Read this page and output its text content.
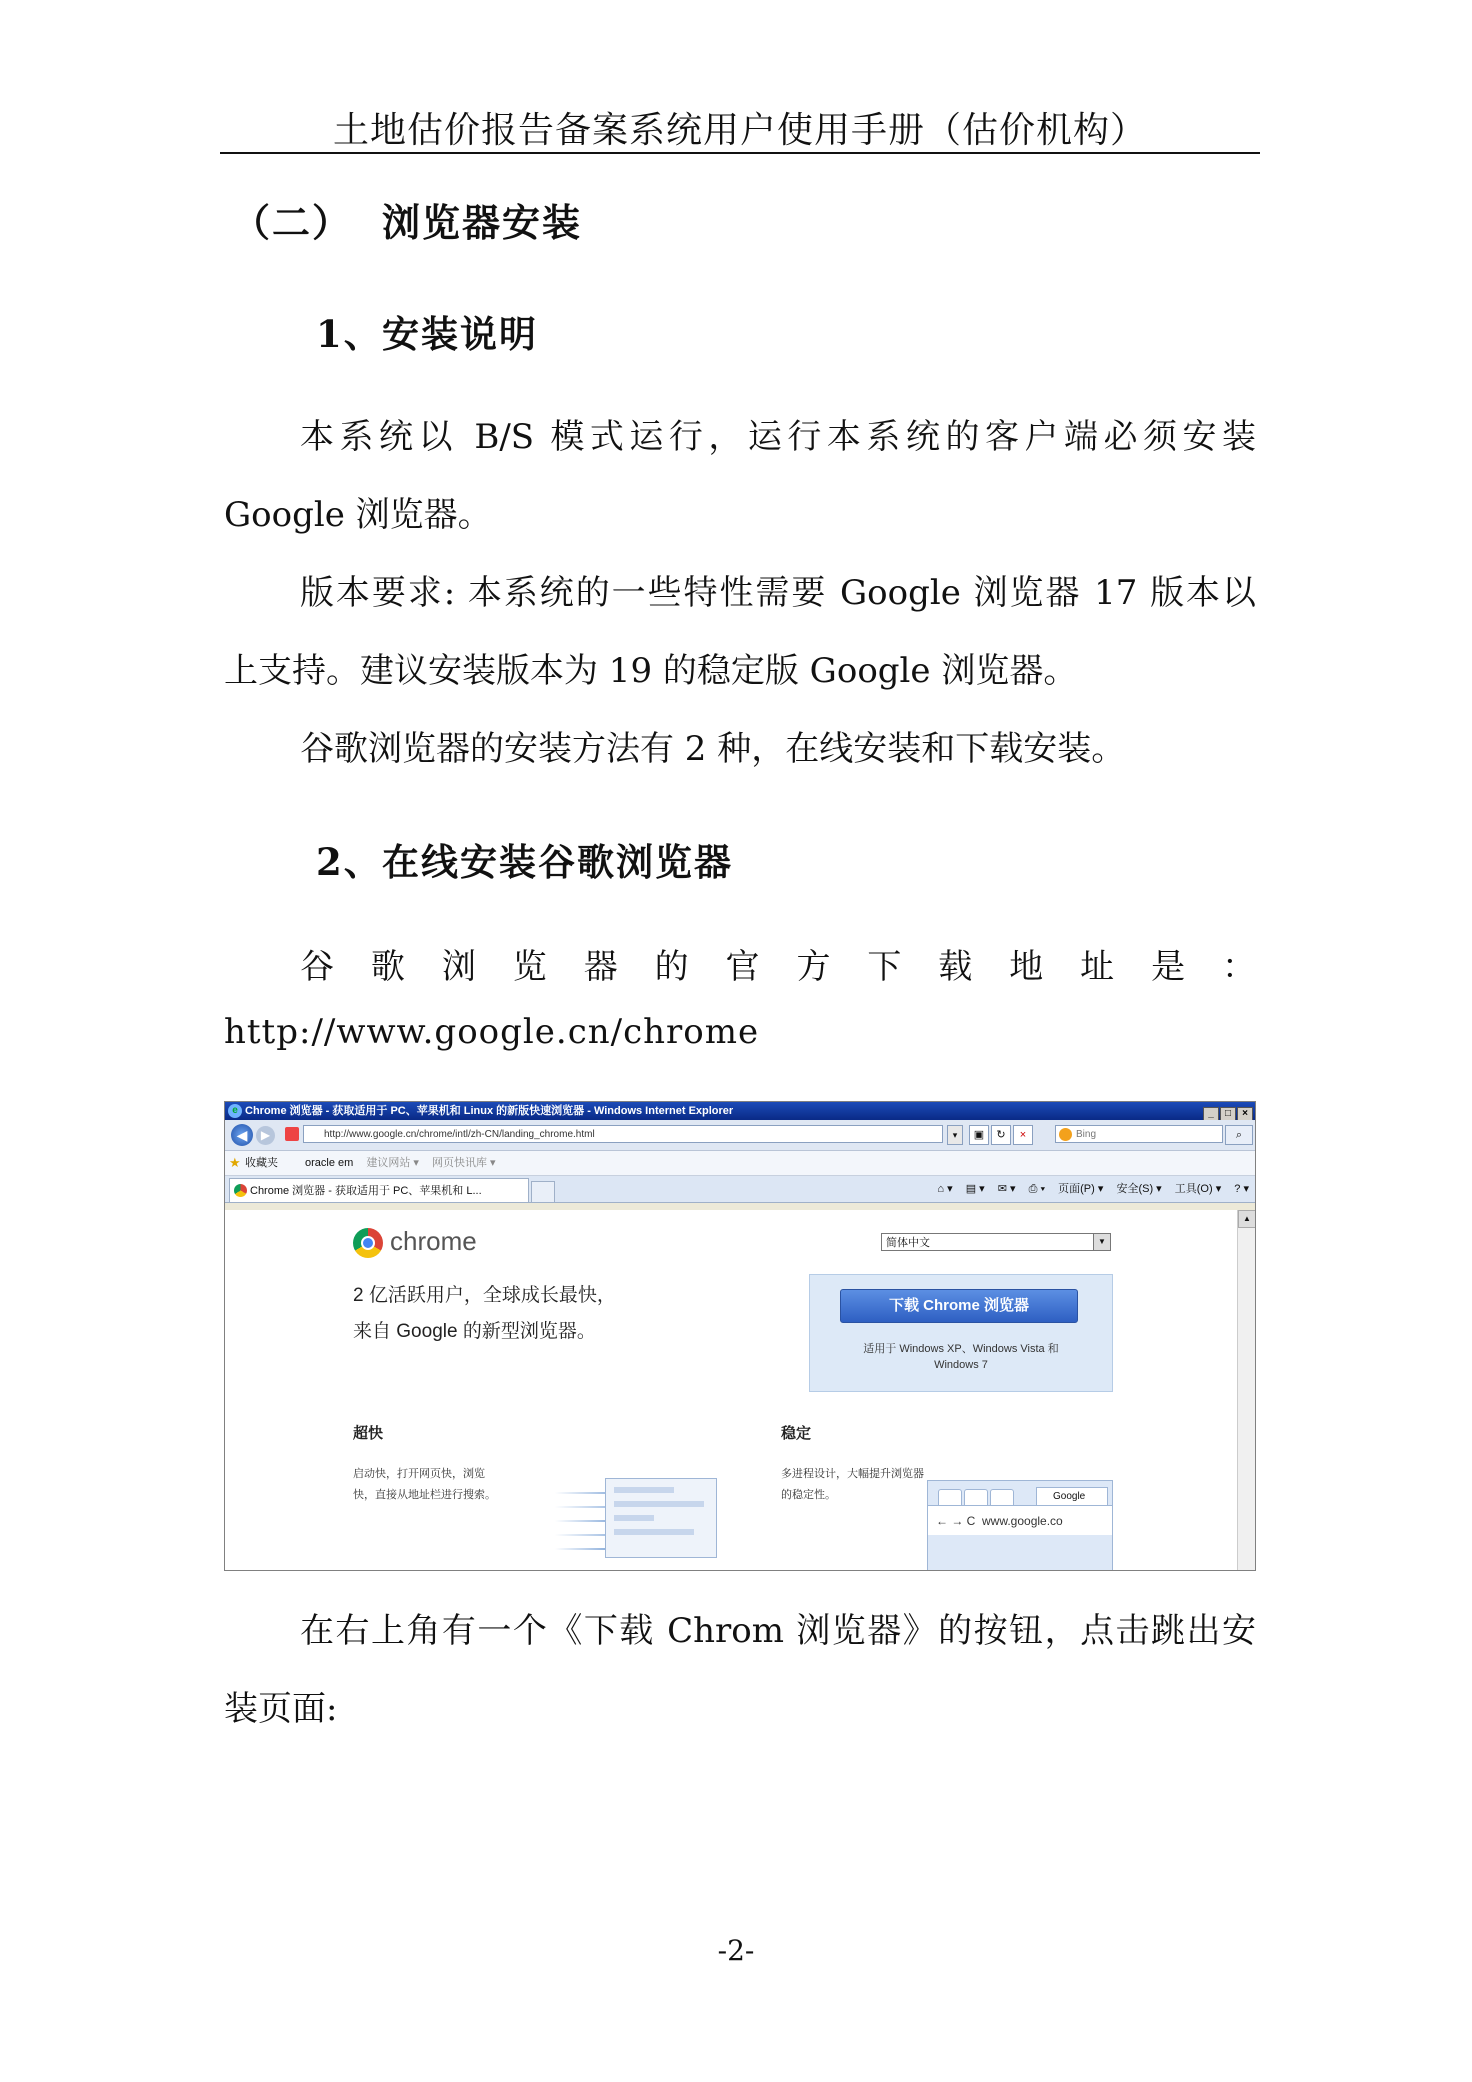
土地估价报告备案系统用户使用手册（估价机构）
（二） 浏览器安装
1、安装说明
本系统以 B/S 模式运行，运行本系统的客户端必须安装
Google 浏览器。
版本要求: 本系统的一些特性需要 Google 浏览器 17 版本以
上支持。建议安装版本为 19 的稳定版 Google 浏览器。
谷歌浏览器的安装方法有 2 种，在线安装和下载安装。
2、在线安装谷歌浏览器
谷 歌 浏 览 器 的 官 方 下 载 地 址 是 ：
http://www.google.cn/chrome
e Chrome 浏览器 - 获取适用于 PC、苹果机和 Linux 的新版快速浏览器 - Windows Internet Explorer	_ □ ×
◀	▶	http://www.google.cn/chrome/intl/zh-CN/landing_chrome.html	▾	▣ ↻ ×	Bing	⌕
★ 收藏夹 oracle em 建议网站 ▾ 网页快讯库 ▾
Chrome 浏览器 - 获取适用于 PC、苹果机和 L...	⌂ ▾ ▤ ▾ ✉ ▾ ⎙ ▾ 页面(P) ▾ 安全(S) ▾ 工具(O) ▾ ? ▾
chrome	简体中文	▼
2 亿活跃用户，全球成长最快，
来自 Google 的新型浏览器。
下载 Chrome 浏览器
适用于 Windows XP、Windows Vista 和
Windows 7
超快
启动快，打开网页快，浏览
快，直接从地址栏进行搜索。
稳定
多进程设计，大幅提升浏览器
的稳定性。	Google
← → C  www.google.co
▲
在右上角有一个《下载 Chrom 浏览器》的按钮，点击跳出安
装页面:
-2-
